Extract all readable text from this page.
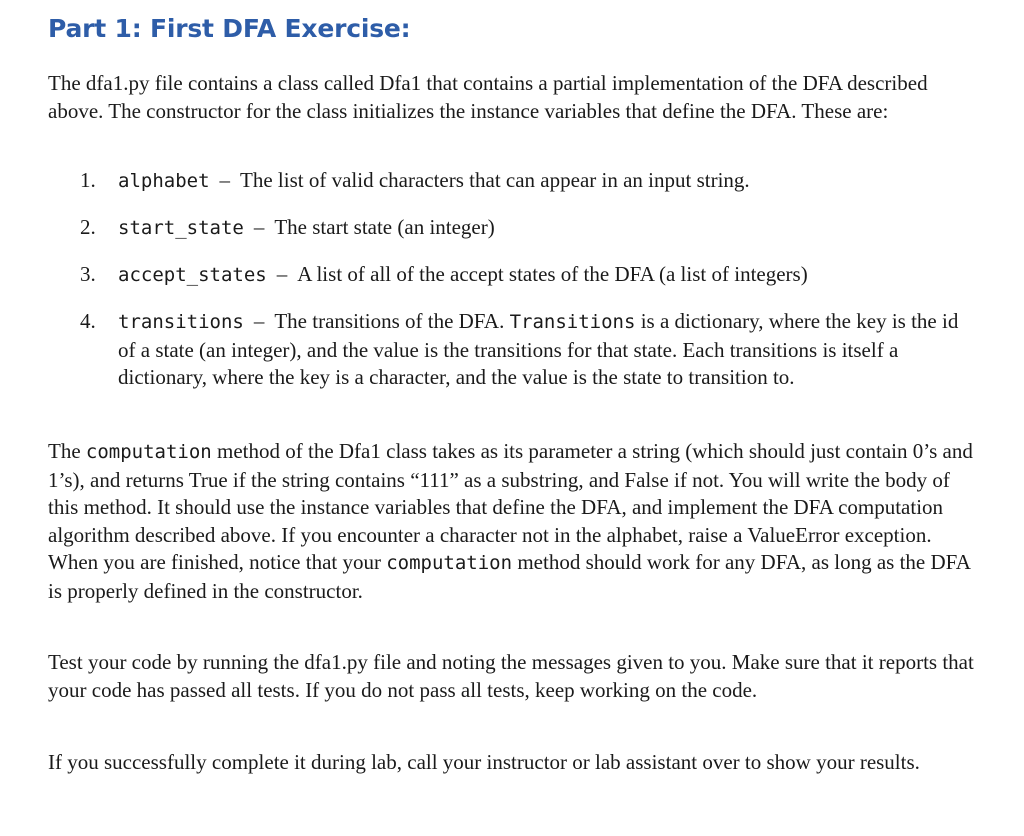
Part 1: First DFA Exercise:

The dfa1.py file contains a class called Dfa1 that contains a partial implementation of the DFA described above. The constructor for the class initializes the instance variables that define the DFA. These are:

1. alphabet – The list of valid characters that can appear in an input string.
2. start_state – The start state (an integer)
3. accept_states – A list of all of the accept states of the DFA (a list of integers)
4. transitions – The transitions of the DFA. Transitions is a dictionary, where the key is the id of a state (an integer), and the value is the transitions for that state. Each transitions is itself a dictionary, where the key is a character, and the value is the state to transition to.

The computation method of the Dfa1 class takes as its parameter a string (which should just contain 0’s and 1’s), and returns True if the string contains “111” as a substring, and False if not. You will write the body of this method. It should use the instance variables that define the DFA, and implement the DFA computation algorithm described above. If you encounter a character not in the alphabet, raise a ValueError exception. When you are finished, notice that your computation method should work for any DFA, as long as the DFA is properly defined in the constructor.

Test your code by running the dfa1.py file and noting the messages given to you. Make sure that it reports that your code has passed all tests. If you do not pass all tests, keep working on the code.

If you successfully complete it during lab, call your instructor or lab assistant over to show your results.
